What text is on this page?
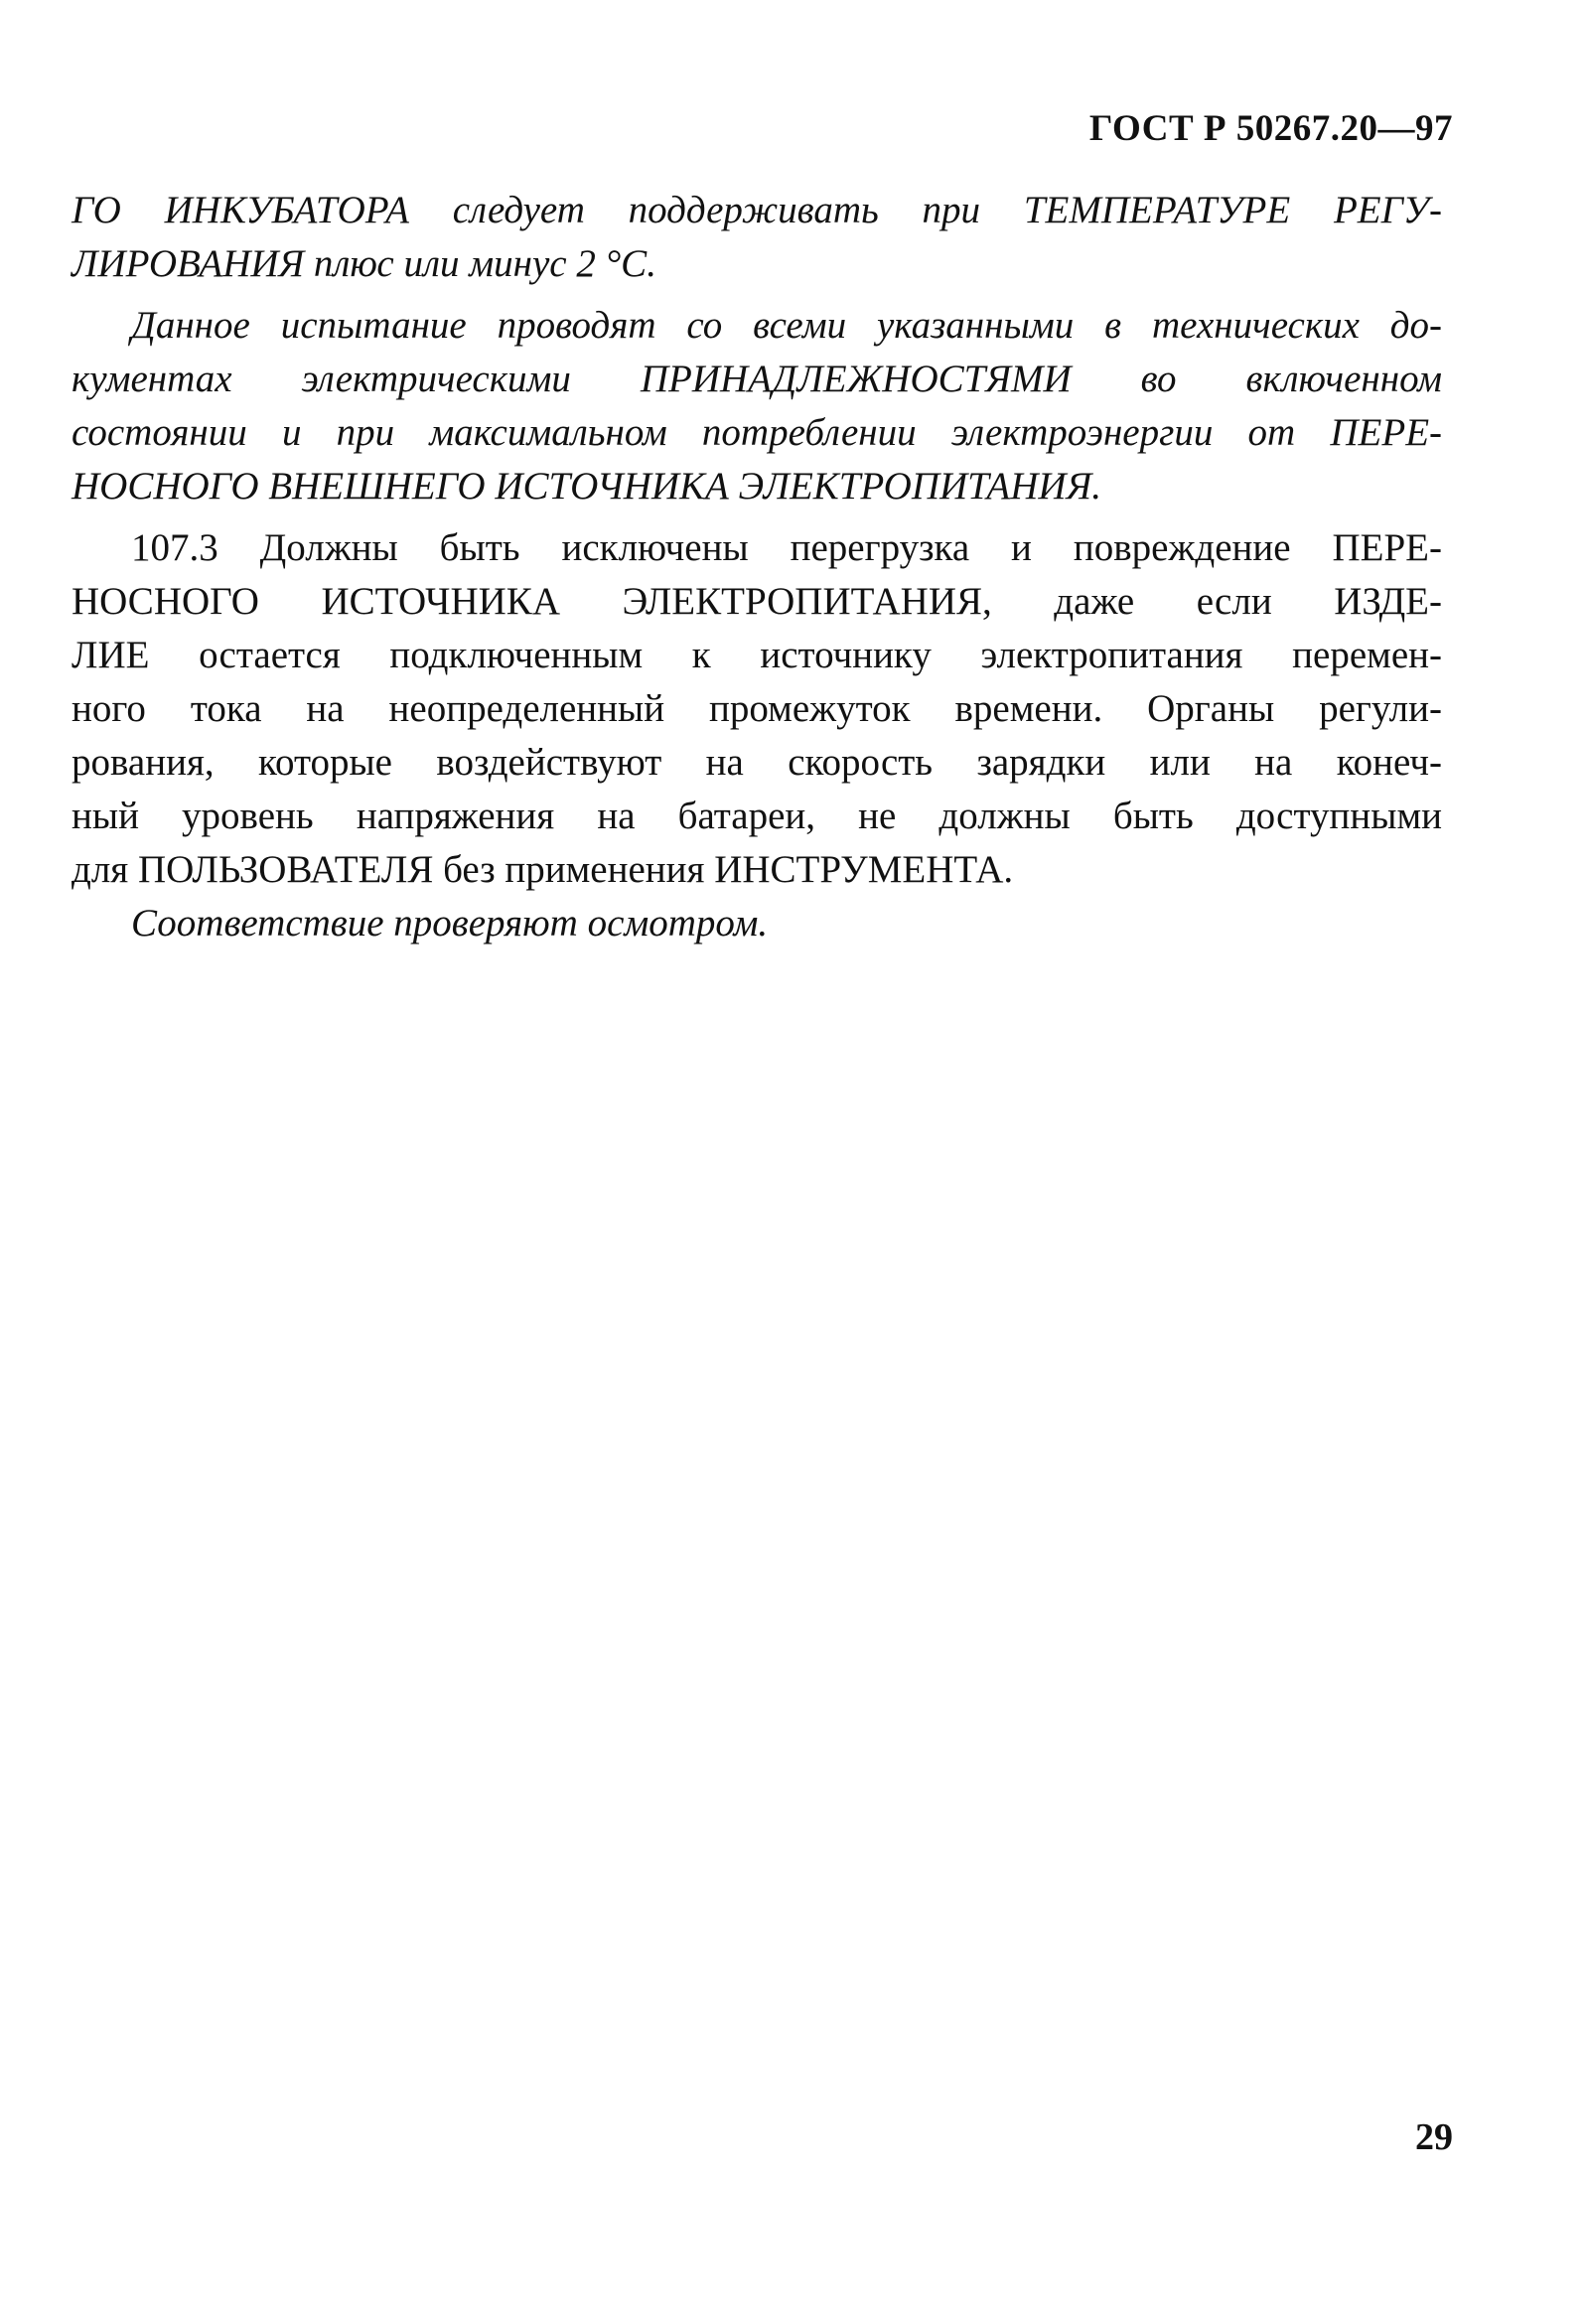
ГОСТ Р 50267.20—97
ГО ИНКУБАТОРА следует поддерживать при ТЕМПЕРАТУРЕ РЕГУ-
ЛИРОВАНИЯ плюс или минус 2 °С.
Данное испытание проводят со всеми указанными в технических до-
кументах электрическими ПРИНАДЛЕЖНОСТЯМИ во включенном
состоянии и при максимальном потреблении электроэнергии от ПЕРЕ-
НОСНОГО ВНЕШНЕГО ИСТОЧНИКА ЭЛЕКТРОПИТАНИЯ.
107.3 Должны быть исключены перегрузка и повреждение ПЕРЕ-
НОСНОГО ИСТОЧНИКА ЭЛЕКТРОПИТАНИЯ, даже если ИЗДЕ-
ЛИЕ остается подключенным к источнику электропитания перемен-
ного тока на неопределенный промежуток времени. Органы регули-
рования, которые воздействуют на скорость зарядки или на конеч-
ный уровень напряжения на батареи, не должны быть доступными
для ПОЛЬЗОВАТЕЛЯ без применения ИНСТРУМЕНТА.
Соответствие проверяют осмотром.
29
